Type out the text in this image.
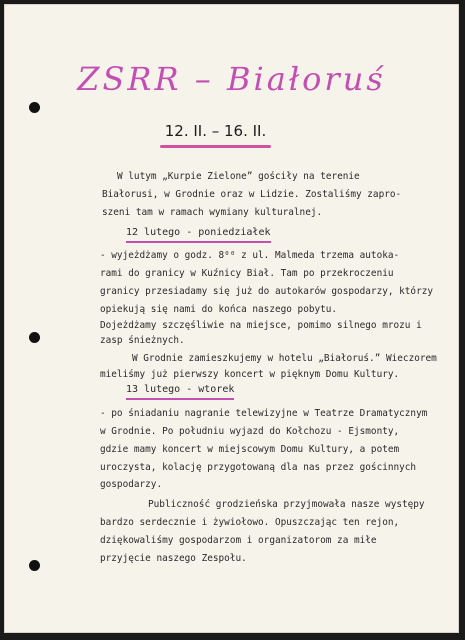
ZSRR – Białoruś
12. II. – 16. II.
W lutym „Kurpie Zielone” gościły na terenie
Białorusi, w Grodnie oraz w Lidzie. Zostaliśmy zapro-
szeni tam w ramach wymiany kulturalnej.
12 lutego - poniedziałek
- wyjeżdżamy o godz. 8⁰⁰ z ul. Malmeda trzema autoka-
rami do granicy w Kuźnicy Biał. Tam po przekroczeniu
granicy przesiadamy się już do autokarów gospodarzy, którzy
opiekują się nami do końca naszego pobytu.
Dojeżdżamy szczęśliwie na miejsce, pomimo silnego mrozu i
zasp śnieżnych.
W Grodnie zamieszkujemy w hotelu „Białoruś.” Wieczorem
mieliśmy już pierwszy koncert w pięknym Domu Kultury.
13 lutego - wtorek
- po śniadaniu nagranie telewizyjne w Teatrze Dramatycznym
w Grodnie. Po południu wyjazd do Kołchozu - Ejsmonty,
gdzie mamy koncert w miejscowym Domu Kultury, a potem
uroczysta, kolację przygotowaną dla nas przez gościnnych
gospodarzy.
Publiczność grodzieńska przyjmowała nasze występy
bardzo serdecznie i żywiołowo. Opuszczając ten rejon,
dziękowaliśmy gospodarzom i organizatorom za miłe
przyjęcie naszego Zespołu.
